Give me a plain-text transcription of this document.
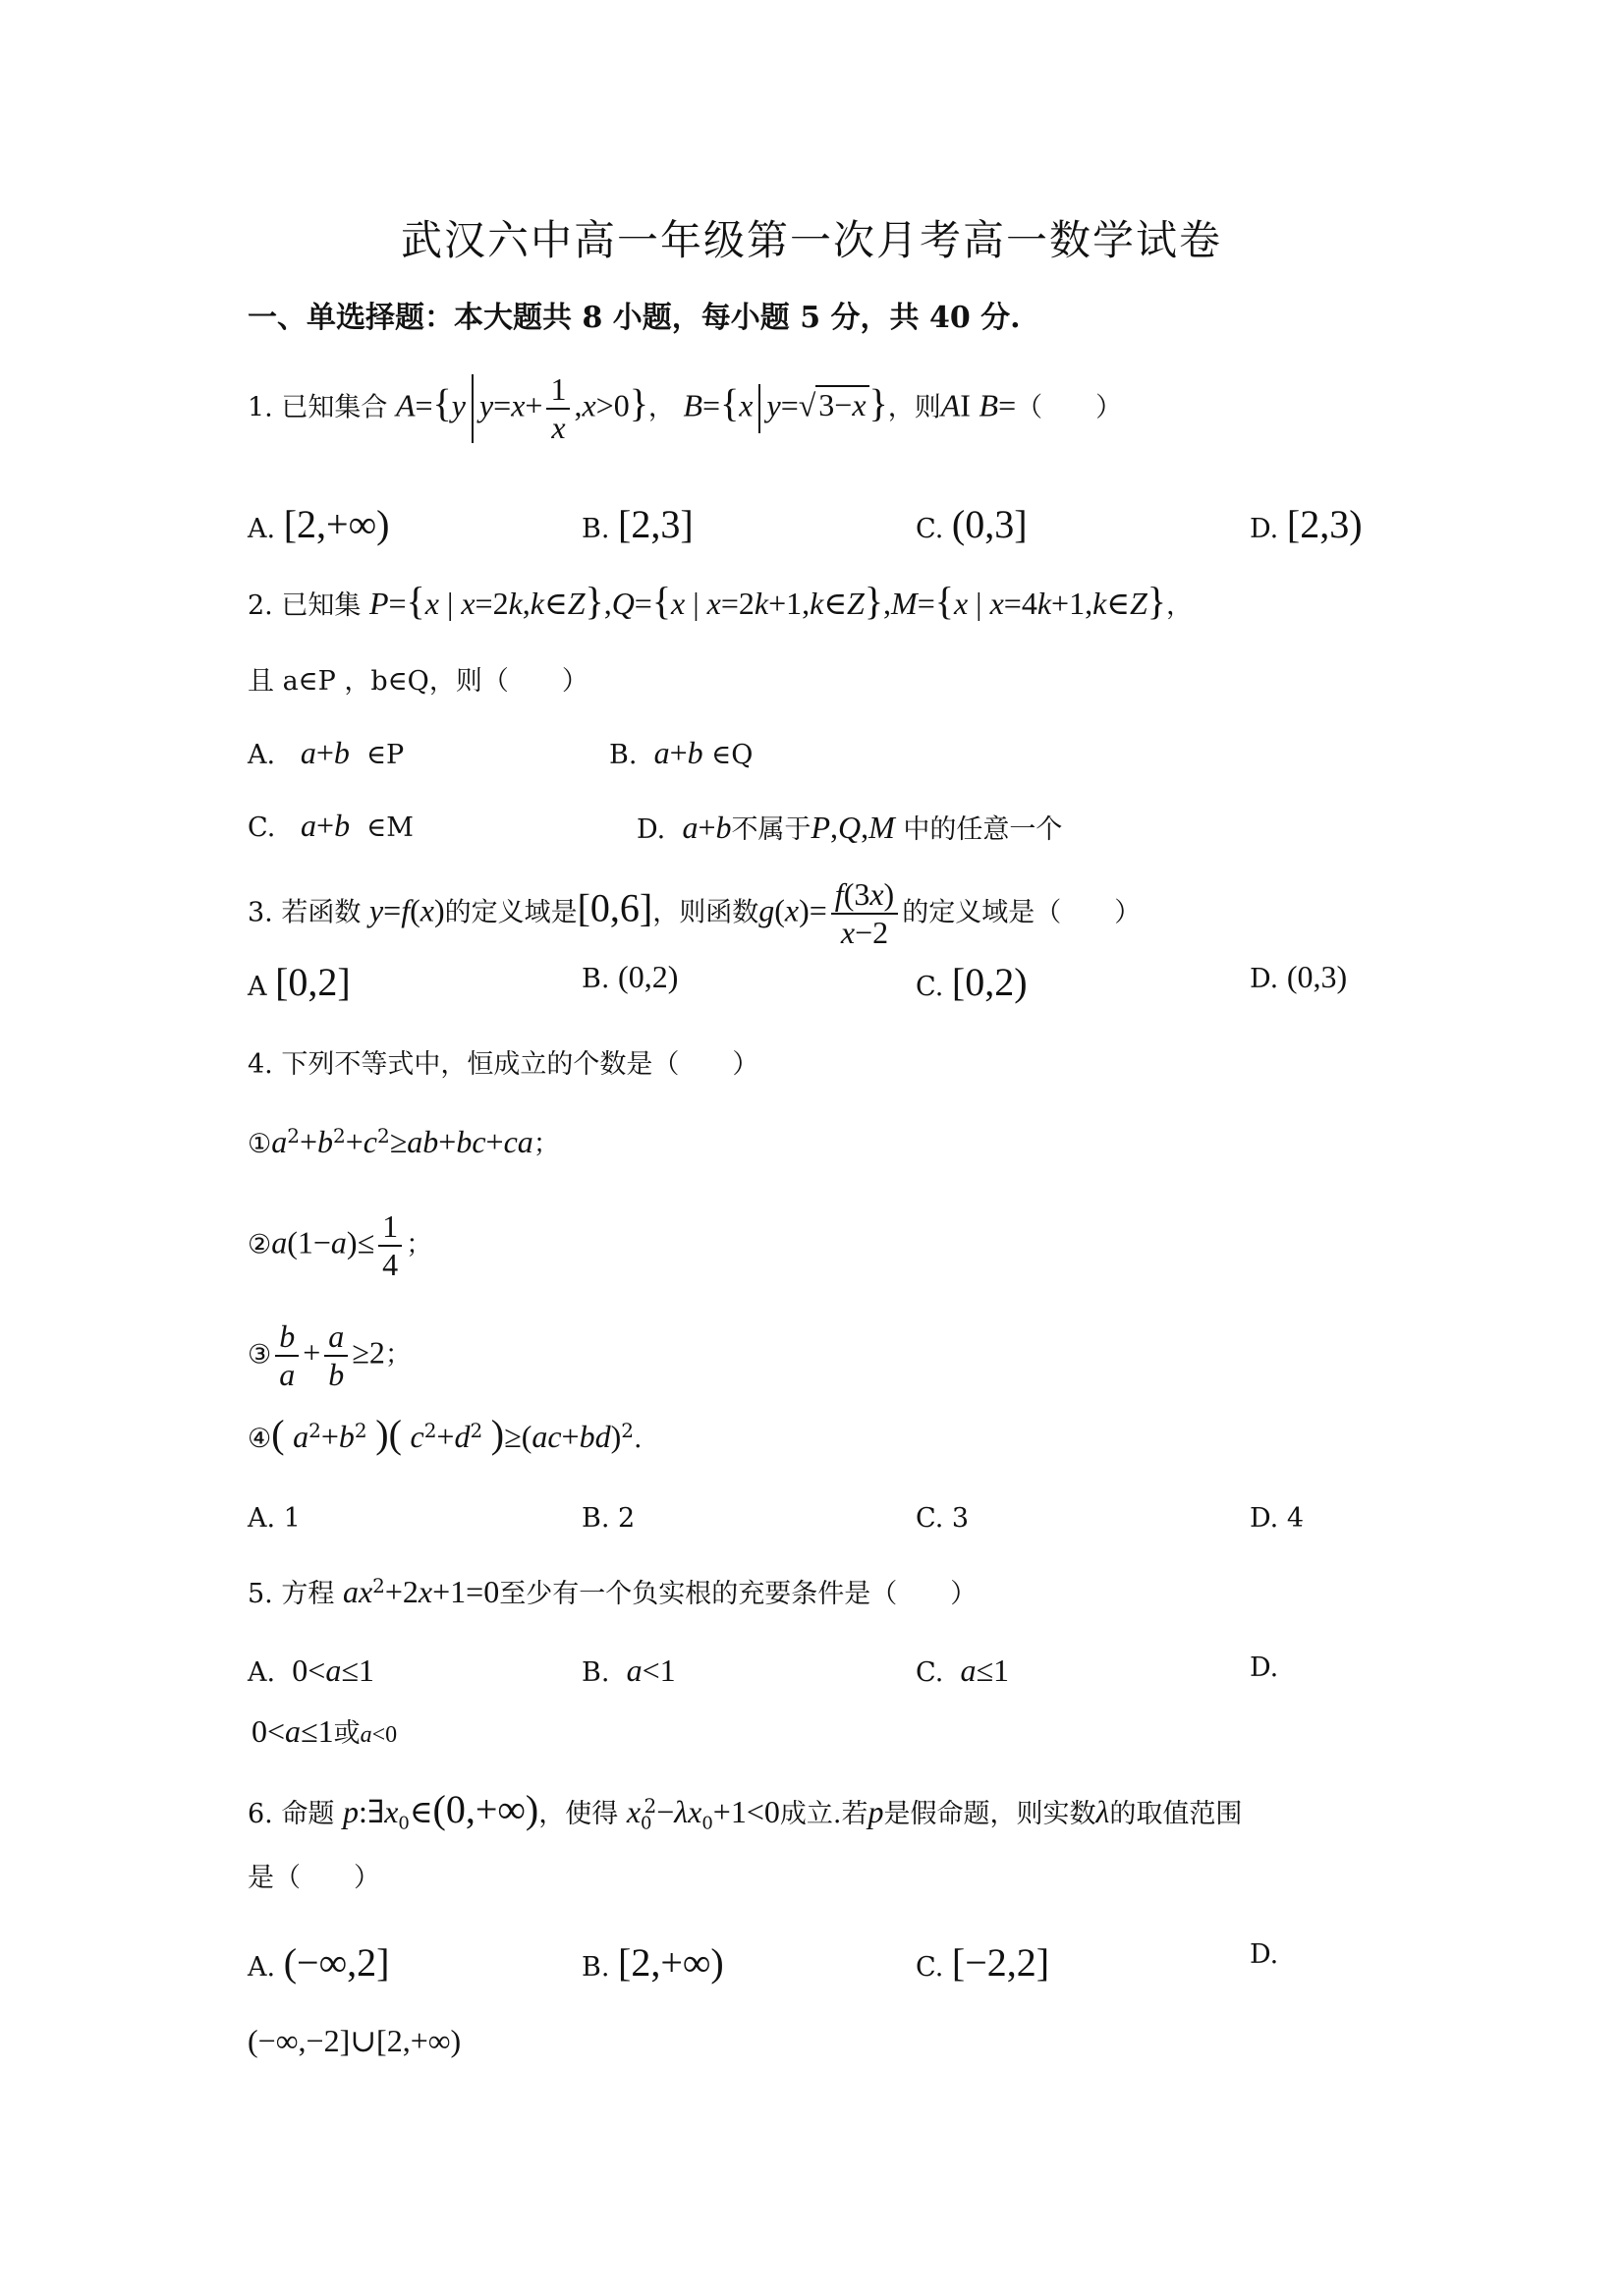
武汉六中高一年级第一次月考高一数学试卷
一、单选择题：本大题共 8 小题，每小题 5 分，共 40 分.
1. 已知集合 A={y $y=x+ \frac{1}{x} ,x>0$}， B={x y=√3−x}，则AI B=（　　）
A. [2,+∞)	B. [2,3]	C. (0,3]	D. [2,3)
2. 已知集 P={x | x=2k,k∈Z},Q={x | x=2k+1,k∈Z},M={x | x=4k+1,k∈Z}，
且 a∈P ，b∈Q，则（　　）
A. a+b ∈P	B. a+b ∈Q
C. a+b ∈M	D. a+b不属于P,Q,M 中的任意一个
3. 若函数 y=f(x)的定义域是[0,6]，则函数$g(x)= \frac{f(3x)}{x-2}$ 的定义域是（　　）
A [0,2]	B. (0,2)	C. [0,2)	D. (0,3)
4. 下列不等式中，恒成立的个数是（　　）
$①a^2+b^2+c^2\ge ab+bc+ca$；
②a(1−a)≤ $\frac{1}{4}$ ；
③ $\frac{b}{a} + \frac{a}{b} \ge 2$；
④( $a^2+b^2$ )( $c^2+d^2$ )$\ge(ac+bd)^2$.
A. 1	B. 2	C. 3	D. 4
5. 方程 $ax^2+2x+1=0$至少有一个负实根的充要条件是（　　）
A. 0<a≤1	B. a<1	C. a≤1	D.
0<a≤1或a<0
6. 命题 $p:\exists x_0\in(0,+\infty)$，使得 $x_0^2-\lambda x_0+1<0$成立.若p是假命题，则实数λ的取值范围
是（　　）
A. (−∞,2]	B. [2,+∞)	C. [−2,2]	D.
(−∞,−2]∪[2,+∞)
